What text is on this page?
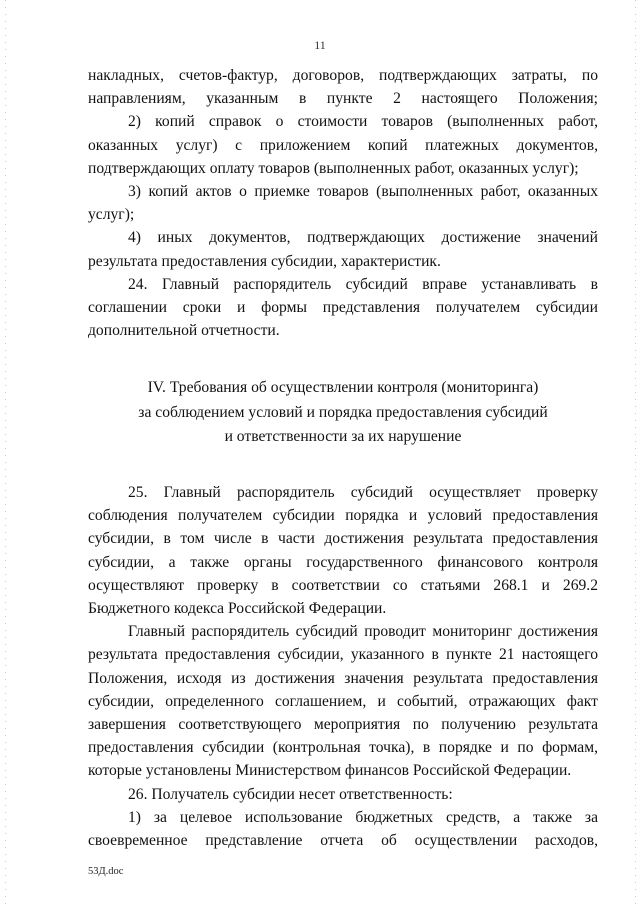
11

накладных, счетов-фактур, договоров, подтверждающих затраты, по направлениям, указанным в пункте 2 настоящего Положения;

2) копий справок о стоимости товаров (выполненных работ, оказанных услуг) с приложением копий платежных документов, подтверждающих оплату товаров (выполненных работ, оказанных услуг);

3) копий актов о приемке товаров (выполненных работ, оказанных услуг);

4) иных документов, подтверждающих достижение значений результата предоставления субсидии, характеристик.

24. Главный распорядитель субсидий вправе устанавливать в соглашении сроки и формы представления получателем субсидии дополнительной отчетности.

IV. Требования об осуществлении контроля (мониторинга)
за соблюдением условий и порядка предоставления субсидий
и ответственности за их нарушение

25. Главный распорядитель субсидий осуществляет проверку соблюдения получателем субсидии порядка и условий предоставления субсидии, в том числе в части достижения результата предоставления субсидии, а также органы государственного финансового контроля осуществляют проверку в соответствии со статьями 268.1 и 269.2 Бюджетного кодекса Российской Федерации.

Главный распорядитель субсидий проводит мониторинг достижения результата предоставления субсидии, указанного в пункте 21 настоящего Положения, исходя из достижения значения результата предоставления субсидии, определенного соглашением, и событий, отражающих факт завершения соответствующего мероприятия по получению результата предоставления субсидии (контрольная точка), в порядке и по формам, которые установлены Министерством финансов Российской Федерации.

26. Получатель субсидии несет ответственность:

1) за целевое использование бюджетных средств, а также за своевременное представление отчета об осуществлении расходов,

53Д.doc
